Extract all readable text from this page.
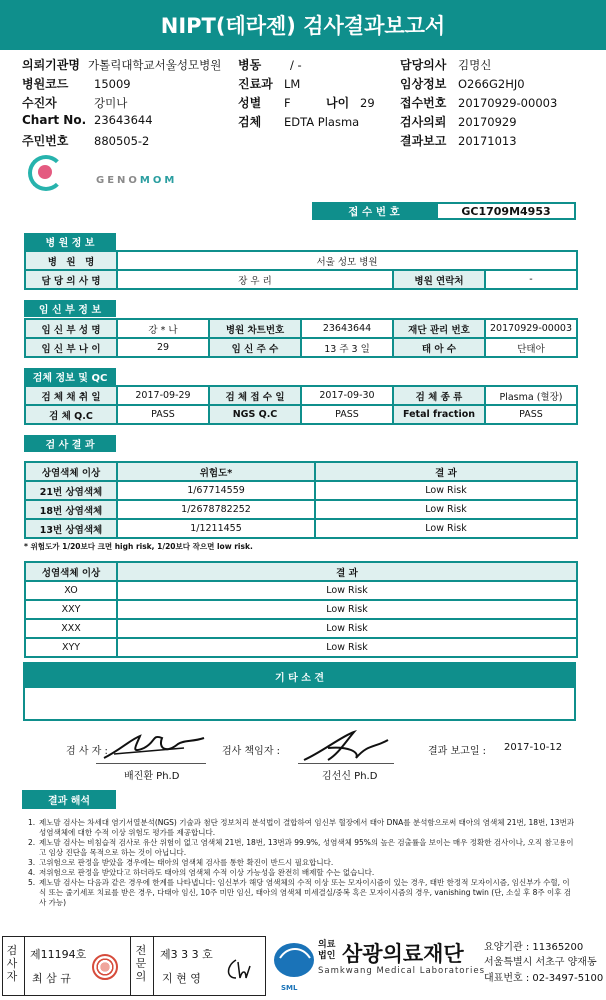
NIPT(테라젠) 검사결과보고서
의뢰기관명 가톨릭대학교서울성모병원 병동	/ -	담당의사 김명신
병원코드 15009	진료과 LM	임상정보 O266G2HJ0
수진자	강미나	성별 F	나이 29 접수번호 20170929-00003
Chart No. 23643644	검체 EDTA Plasma	검사의뢰 20170929
주민번호 880505-2	결과보고 20171013
GENOMOM
접 수 번 호	GC1709M4953
병 원 정 보
병　원　명	서울 성모 병원		
담 당 의 사 명	장 우 리	병원 연락처	-
임 신 부 정 보
임 신 부 성 명	강 * 나	병원 차트번호	23643644	재단 관리 번호	20170929-00003
임 신 부 나 이	29	임 신 주 수	13 주 3 일	태 아 수	단태아
검체 정보 및 QC
검 체 채 취 일	2017-09-29	검 체 접 수 일	2017-09-30	검 체 종 류	Plasma (혈장)
검 체 Q.C	PASS	NGS Q.C	PASS	Fetal fraction	PASS
검 사 결 과
상염색체 이상	위험도*	결 과
21번 상염색체	1/67714559	Low Risk
18번 상염색체	1/2678782252	Low Risk
13번 상염색체	1/1211455	Low Risk
* 위험도가 1/20보다 크면 high risk, 1/20보다 작으면 low risk.
성염색체 이상	결 과
XO	Low Risk
XXY	Low Risk
XXX	Low Risk
XYY	Low Risk
기 타 소 견
검 사 자 :
배진환 Ph.D
검사 책임자 :
김선신 Ph.D
결과 보고일 : 2017-10-12
결과 해석
1. 제노맘 검사는 차세대 염기서열분석(NGS) 기술과 첨단 정보처리 분석법이 결합하여 임신부 혈장에서 태아 DNA를 분석함으로써 태아의 염색체 21번, 18번, 13번과 성염색체에 대한 수적 이상 위험도 평가를 제공합니다.
2. 제노맘 검사는 비침습적 검사로 유산 위험이 없고 염색체 21번, 18번, 13번과 99.9%, 성염색체 95%의 높은 검출률을 보이는 매우 정확한 검사이나, 오직 참고용이고 임상 진단을 목적으로 하는 것이 아닙니다.
3. 고위험으로 판정을 받았을 경우에는 태아의 염색체 검사를 통한 확진이 반드시 필요합니다.
4. 저위험으로 판정을 받았다고 하더라도 태아의 염색체 수적 이상 가능성을 완전히 배제할 수는 없습니다.
5. 제노맘 검사는 다음과 같은 경우에 한계를 나타냅니다: 임신부가 해당 염색체의 수적 이상 또는 모자이시즘이 있는 경우, 태반 한정적 모자이시즘, 임신부가 수혈, 이식 또는 줄기세포 치료를 받은 경우, 다태아 임신, 10주 미만 임신, 태아의 염색체 미세결실/중복 혹은 모자이시즘의 경우, vanishing twin (단, 소실 후 8주 이후 검사 가능)
검사자
제11194호
최 삼 규
전문의
제3 3 3 호
지 현 영
SML
의료
법인 삼광의료재단
Samkwang Medical Laboratories
요양기관 : 11365200
서울특별시 서초구 양재동
대표번호 : 02-3497-5100
